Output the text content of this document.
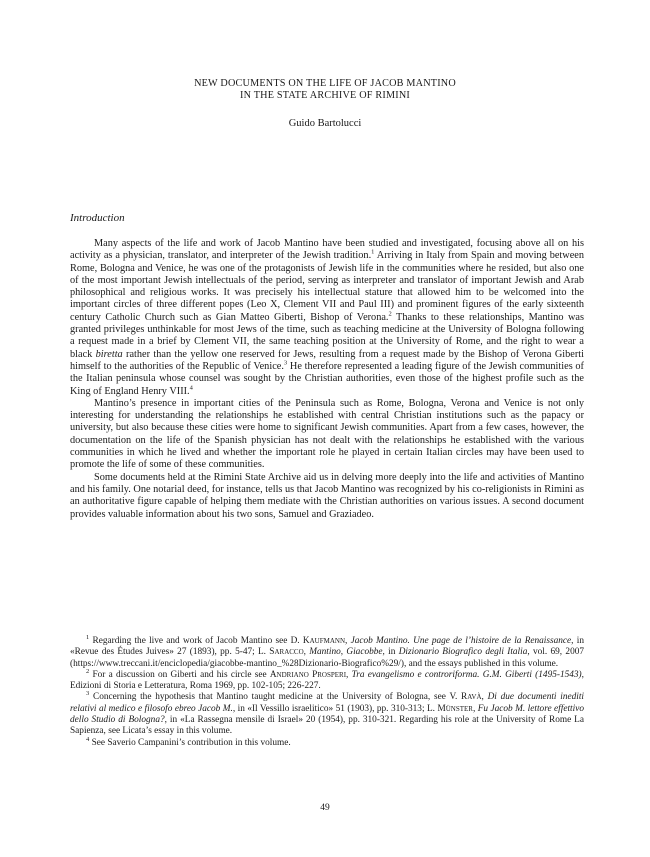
NEW DOCUMENTS ON THE LIFE OF JACOB MANTINO
IN THE STATE ARCHIVE OF RIMINI
Guido Bartolucci
Introduction

Many aspects of the life and work of Jacob Mantino have been studied and investigated, focusing above all on his activity as a physician, translator, and interpreter of the Jewish tradition.$^1$ Arriving in Italy from Spain and moving between Rome, Bologna and Venice, he was one of the protagonists of Jewish life in the communities where he resided, but also one of the most important Jewish intellectuals of the period, serving as interpreter and translator of important Jewish and Arab philosophical and religious works. It was precisely his intellectual stature that allowed him to be welcomed into the important circles of three different popes (Leo X, Clement VII and Paul III) and prominent figures of the early sixteenth century Catholic Church such as Gian Matteo Giberti, Bishop of Verona.$^2$ Thanks to these relationships, Mantino was granted privileges unthinkable for most Jews of the time, such as teaching medicine at the University of Bologna following a request made in a brief by Clement VII, the same teaching position at the University of Rome, and the right to wear a black biretta rather than the yellow one reserved for Jews, resulting from a request made by the Bishop of Verona Giberti himself to the authorities of the Republic of Venice.$^3$ He therefore represented a leading figure of the Jewish communities of the Italian peninsula whose counsel was sought by the Christian authorities, even those of the highest profile such as the King of England Henry VIII.$^4$

Mantino’s presence in important cities of the Peninsula such as Rome, Bologna, Verona and Venice is not only interesting for understanding the relationships he established with central Christian institutions such as the papacy or university, but also because these cities were home to significant Jewish communities. Apart from a few cases, however, the documentation on the life of the Spanish physician has not dealt with the relationships he established with the various communities in which he lived and whether the important role he played in certain Italian circles may have been used to promote the life of some of these communities.

Some documents held at the Rimini State Archive aid us in delving more deeply into the life and activities of Mantino and his family. One notarial deed, for instance, tells us that Jacob Mantino was recognized by his co-religionists in Rimini as an authoritative figure capable of helping them mediate with the Christian authorities on various issues. A second document provides valuable information about his two sons, Samuel and Graziadeo.

$^1$ Regarding the live and work of Jacob Mantino see D. Kaufmann, Jacob Mantino. Une page de l’histoire de la Renaissance, in «Revue des Études Juives» 27 (1893), pp. 5-47; L. Saracco, Mantino, Giacobbe, in Dizionario Biografico degli Italia, vol. 69, 2007 (https://www.treccani.it/enciclopedia/giacobbe-mantino_%28Dizionario-Biografico%29/), and the essays published in this volume.

$^2$ For a discussion on Giberti and his circle see Andriano Prosperi, Tra evangelismo e controriforma. G.M. Giberti (1495-1543), Edizioni di Storia e Letteratura, Roma 1969, pp. 102-105; 226-227.

$^3$ Concerning the hypothesis that Mantino taught medicine at the University of Bologna, see V. Ravà, Di due documenti inediti relativi al medico e filosofo ebreo Jacob M., in «Il Vessillo israelitico» 51 (1903), pp. 310-313; L. Münster, Fu Jacob M. lettore effettivo dello Studio di Bologna?, in «La Rassegna mensile di Israel» 20 (1954), pp. 310-321. Regarding his role at the University of Rome La Sapienza, see Licata’s essay in this volume.

$^4$ See Saverio Campanini’s contribution in this volume.

49
